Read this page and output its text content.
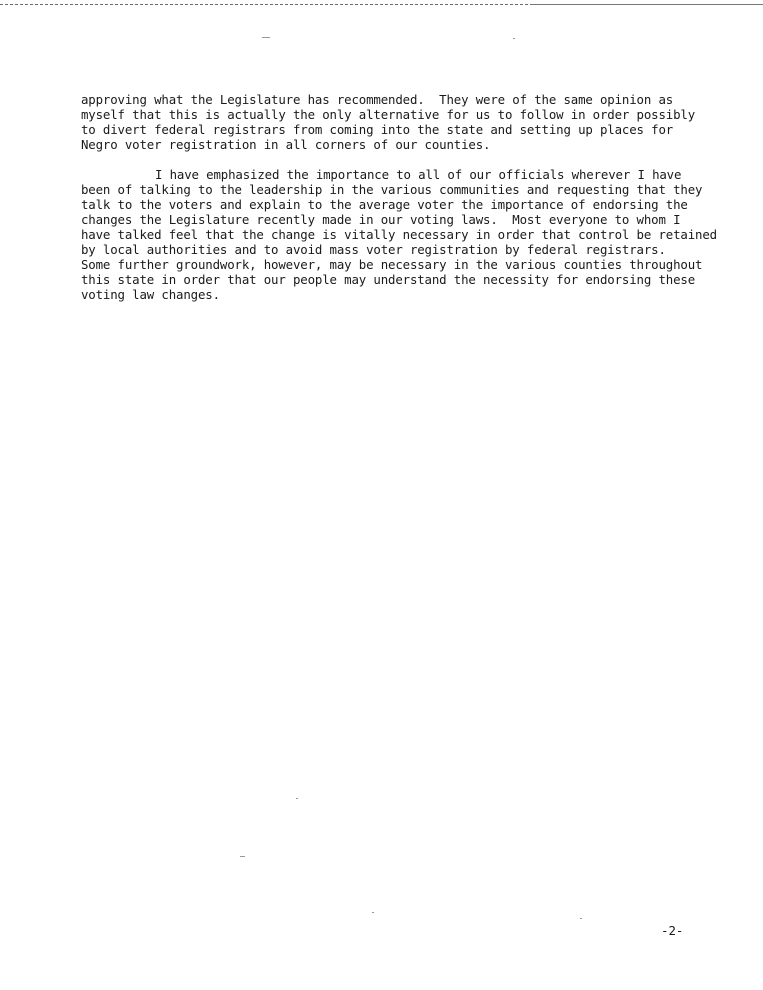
approving what the Legislature has recommended.  They were of the same opinion as
myself that this is actually the only alternative for us to follow in order possibly
to divert federal registrars from coming into the state and setting up places for
Negro voter registration in all corners of our counties.
I have emphasized the importance to all of our officials wherever I have
been of talking to the leadership in the various communities and requesting that they
talk to the voters and explain to the average voter the importance of endorsing the
changes the Legislature recently made in our voting laws.  Most everyone to whom I
have talked feel that the change is vitally necessary in order that control be retained
by local authorities and to avoid mass voter registration by federal registrars.
Some further groundwork, however, may be necessary in the various counties throughout
this state in order that our people may understand the necessity for endorsing these
voting law changes.
-2-
